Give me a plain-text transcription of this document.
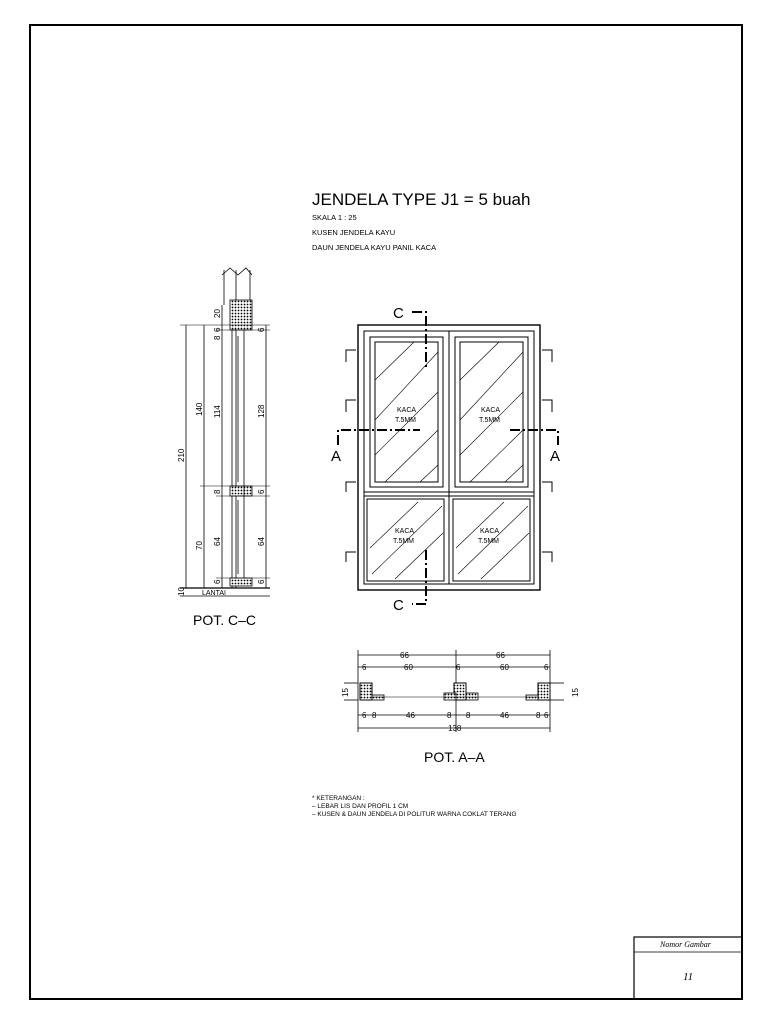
JENDELA TYPE J1 = 5 buah
SKALA 1 : 25
KUSEN JENDELA KAYU
DAUN JENDELA KAYU PANIL KACA
210
140
70
20
10
114
64
8
8
6
6
128
64
6
6
6
LANTAI
POT. C–C
C
C
A	A
KACA
T.5MM
KACA
T.5MM
KACA
T.5MM
KACA
T.5MM
66	66
60	60
6	6	6
46	46
6 8	8 8	8 6
138
15	15
POT. A–A
* KETERANGAN :
– LEBAR LIS DAN PROFIL 1 CM
– KUSEN & DAUN JENDELA DI POLITUR WARNA COKLAT TERANG
Nomor Gambar
11
